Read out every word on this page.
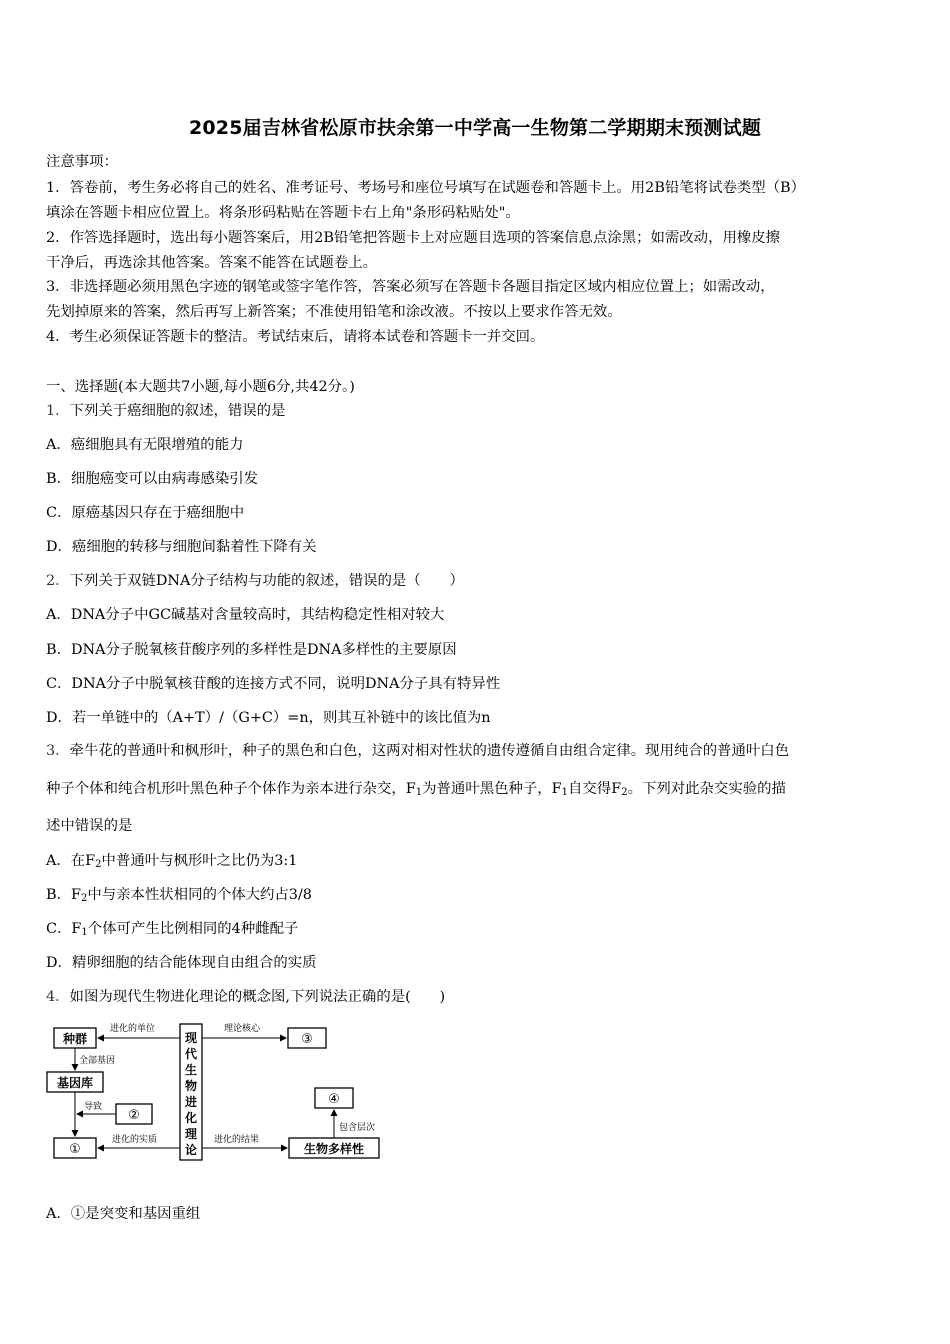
2025届吉林省松原市扶余第一中学高一生物第二学期期末预测试题
注意事项：
1．答卷前，考生务必将自己的姓名、准考证号、考场号和座位号填写在试题卷和答题卡上。用2B铅笔将试卷类型（B）
填涂在答题卡相应位置上。将条形码粘贴在答题卡右上角"条形码粘贴处"。
2．作答选择题时，选出每小题答案后，用2B铅笔把答题卡上对应题目选项的答案信息点涂黑；如需改动，用橡皮擦
干净后，再选涂其他答案。答案不能答在试题卷上。
3．非选择题必须用黑色字迹的钢笔或签字笔作答，答案必须写在答题卡各题目指定区域内相应位置上；如需改动，
先划掉原来的答案，然后再写上新答案；不准使用铅笔和涂改液。不按以上要求作答无效。
4．考生必须保证答题卡的整洁。考试结束后，请将本试卷和答题卡一并交回。
一、选择题(本大题共7小题,每小题6分,共42分。)
1．下列关于癌细胞的叙述，错误的是
A．癌细胞具有无限增殖的能力
B．细胞癌变可以由病毒感染引发
C．原癌基因只存在于癌细胞中
D．癌细胞的转移与细胞间黏着性下降有关
2．下列关于双链DNA分子结构与功能的叙述，错误的是（　　）
A．DNA分子中GC碱基对含量较高时，其结构稳定性相对较大
B．DNA分子脱氧核苷酸序列的多样性是DNA多样性的主要原因
C．DNA分子中脱氧核苷酸的连接方式不同，说明DNA分子具有特异性
D．若一单链中的（A+T）/（G+C）=n，则其互补链中的该比值为n
3．牵牛花的普通叶和枫形叶，种子的黑色和白色，这两对相对性状的遗传遵循自由组合定律。现用纯合的普通叶白色
种子个体和纯合机形叶黑色种子个体作为亲本进行杂交，$F_1$为普通叶黑色种子，$F_1$自交得$F_2$。下列对此杂交实验的描
述中错误的是
A．在$F_2$中普通叶与枫形叶之比仍为3:1
B．$F_2$中与亲本性状相同的个体大约占3/8
C．$F_1$个体可产生比例相同的4种雌配子
D．精卵细胞的结合能体现自由组合的实质
4．如图为现代生物进化理论的概念图,下列说法正确的是(　　)
种群
基因库
②
①
现
代
生
物
进
化
理
论
③
④
生物多样性
进化的单位
全部基因
导致
进化的实质
理论核心
进化的结果
包含层次
A．①是突变和基因重组
